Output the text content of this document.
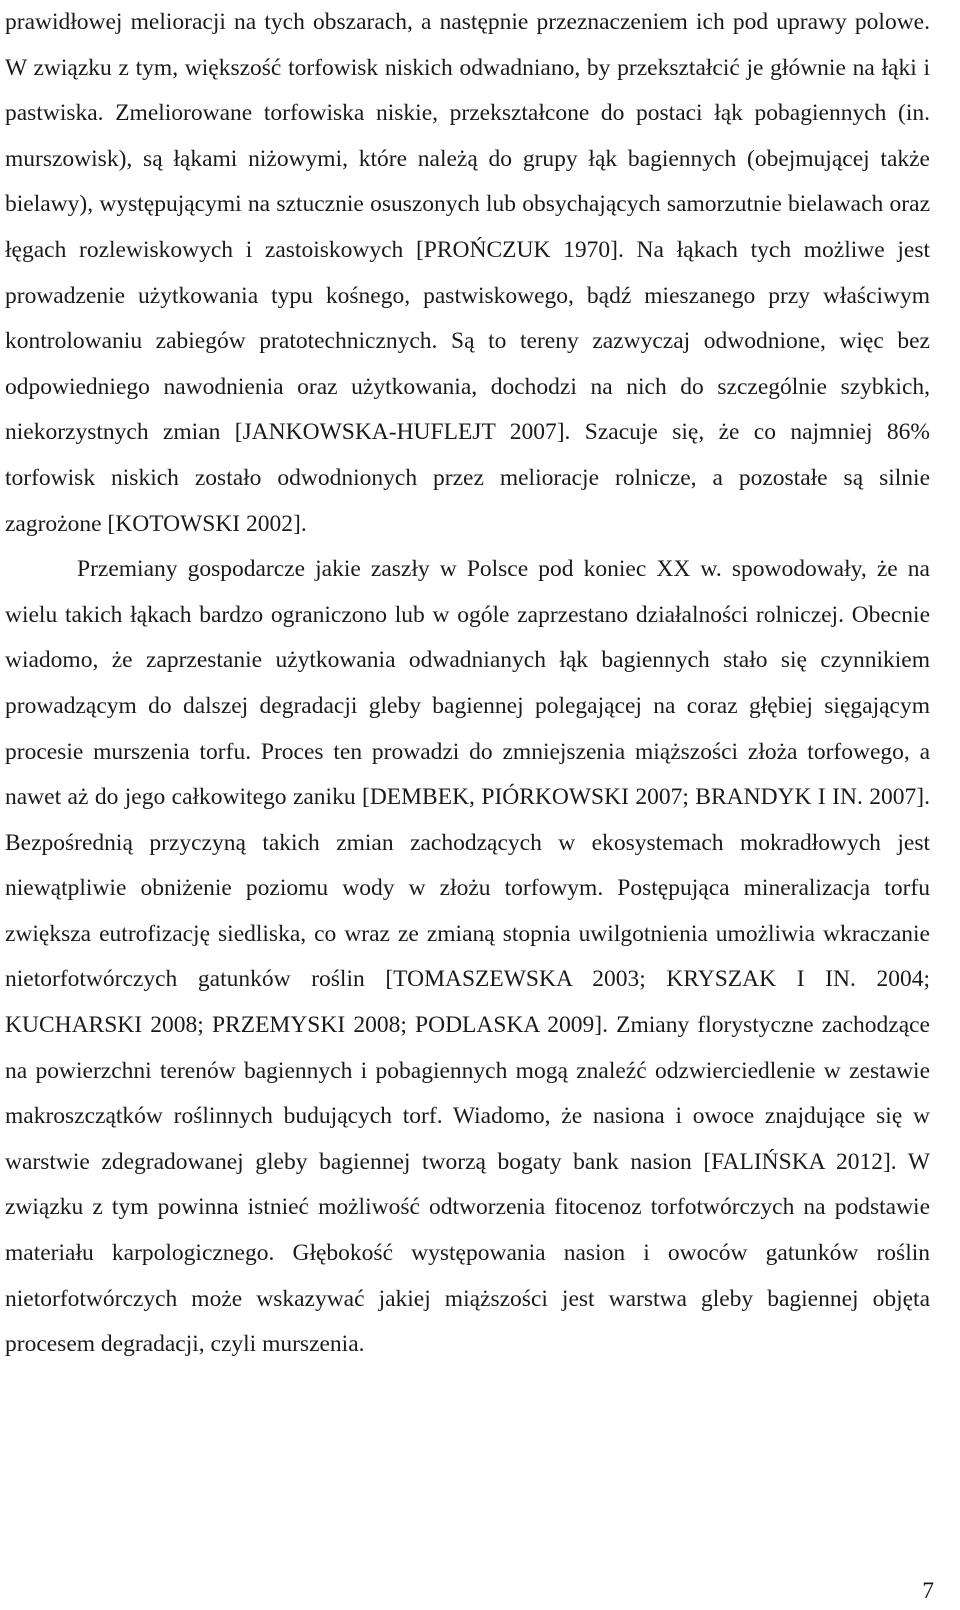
prawidłowej melioracji na tych obszarach, a następnie przeznaczeniem ich pod uprawy polowe. W związku z tym, większość torfowisk niskich odwadniano, by przekształcić je głównie na łąki i pastwiska. Zmeliorowane torfowiska niskie, przekształcone do postaci łąk pobagiennych (in. murszowisk), są łąkami niżowymi, które należą do grupy łąk bagiennych (obejmującej także bielawy), występującymi na sztucznie osuszonych lub obsychających samorzutnie bielawach oraz łęgach rozlewiskowych i zastoiskowych [PROŃCZUK 1970]. Na łąkach tych możliwe jest prowadzenie użytkowania typu kośnego, pastwiskowego, bądź mieszanego przy właściwym kontrolowaniu zabiegów pratotechnicznych. Są to tereny zazwyczaj odwodnione, więc bez odpowiedniego nawodnienia oraz użytkowania, dochodzi na nich do szczególnie szybkich, niekorzystnych zmian [JANKOWSKA-HUFLEJT 2007]. Szacuje się, że co najmniej 86% torfowisk niskich zostało odwodnionych przez melioracje rolnicze, a pozostałe są silnie zagrożone [KOTOWSKI 2002].

Przemiany gospodarcze jakie zaszły w Polsce pod koniec XX w. spowodowały, że na wielu takich łąkach bardzo ograniczono lub w ogóle zaprzestano działalności rolniczej. Obecnie wiadomo, że zaprzestanie użytkowania odwadnianych łąk bagiennych stało się czynnikiem prowadzącym do dalszej degradacji gleby bagiennej polegającej na coraz głębiej sięgającym procesie murszenia torfu. Proces ten prowadzi do zmniejszenia miąższości złoża torfowego, a nawet aż do jego całkowitego zaniku [DEMBEK, PIÓRKOWSKI 2007; BRANDYK I IN. 2007]. Bezpośrednią przyczyną takich zmian zachodzących w ekosystemach mokradłowych jest niewątpliwie obniżenie poziomu wody w złożu torfowym. Postępująca mineralizacja torfu zwiększa eutrofizację siedliska, co wraz ze zmianą stopnia uwilgotnienia umożliwia wkraczanie nietorfotwórczych gatunków roślin [TOMASZEWSKA 2003; KRYSZAK I IN. 2004; KUCHARSKI 2008; PRZEMYSKI 2008; PODLASKA 2009]. Zmiany florystyczne zachodzące na powierzchni terenów bagiennych i pobagiennych mogą znaleźć odzwierciedlenie w zestawie makroszczątków roślinnych budujących torf. Wiadomo, że nasiona i owoce znajdujące się w warstwie zdegradowanej gleby bagiennej tworzą bogaty bank nasion [FALIŃSKA 2012]. W związku z tym powinna istnieć możliwość odtworzenia fitocenoz torfotwórczych na podstawie materiału karpologicznego. Głębokość występowania nasion i owoców gatunków roślin nietorfotwórczych może wskazywać jakiej miąższości jest warstwa gleby bagiennej objęta procesem degradacji, czyli murszenia.

7
